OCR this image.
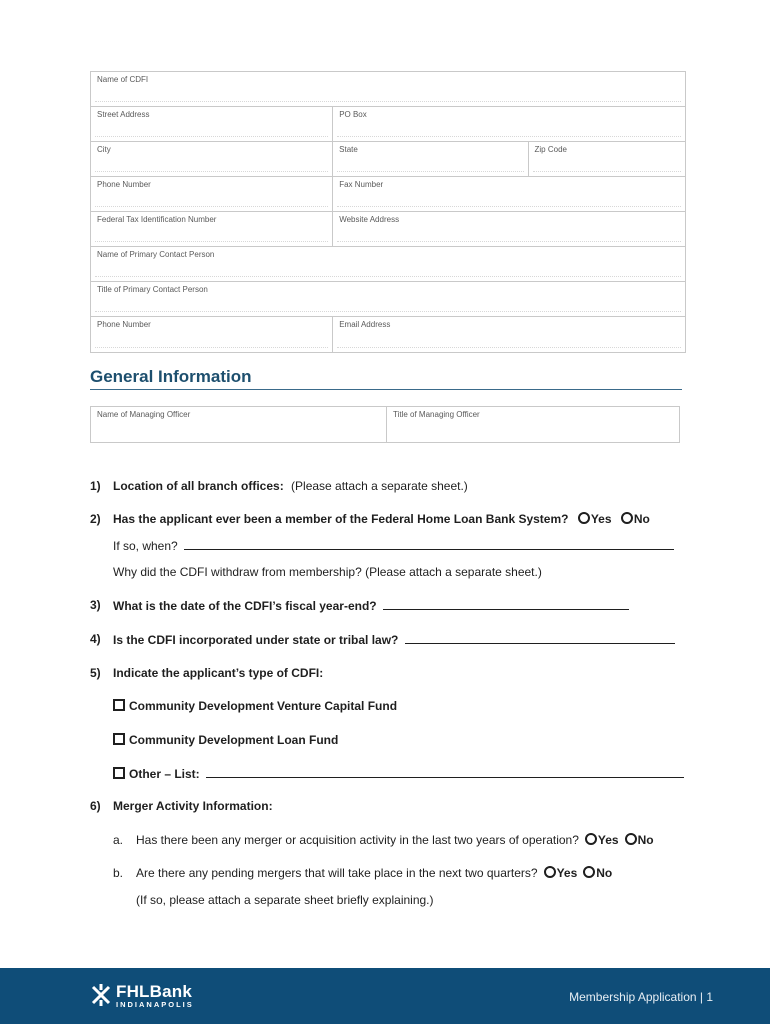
Name of CDFI
Street Address	PO Box
City	State	Zip Code
Phone Number	Fax Number
Federal Tax Identification Number	Website Address
Name of Primary Contact Person
Title of Primary Contact Person
Phone Number	Email Address
General Information
Name of Managing Officer	Title of Managing Officer
1) Location of all branch offices: (Please attach a separate sheet.)
2) Has the applicant ever been a member of the Federal Home Loan Bank System? Yes No
If so, when?
Why did the CDFI withdraw from membership? (Please attach a separate sheet.)
3) What is the date of the CDFI’s fiscal year-end?
4) Is the CDFI incorporated under state or tribal law?
5) Indicate the applicant’s type of CDFI:
Community Development Venture Capital Fund
Community Development Loan Fund
Other – List:
6) Merger Activity Information:
a. Has there been any merger or acquisition activity in the last two years of operation? Yes No
b. Are there any pending mergers that will take place in the next two quarters? Yes No
(If so, please attach a separate sheet briefly explaining.)
FHLBank
INDIANAPOLIS
Membership Application | 1
